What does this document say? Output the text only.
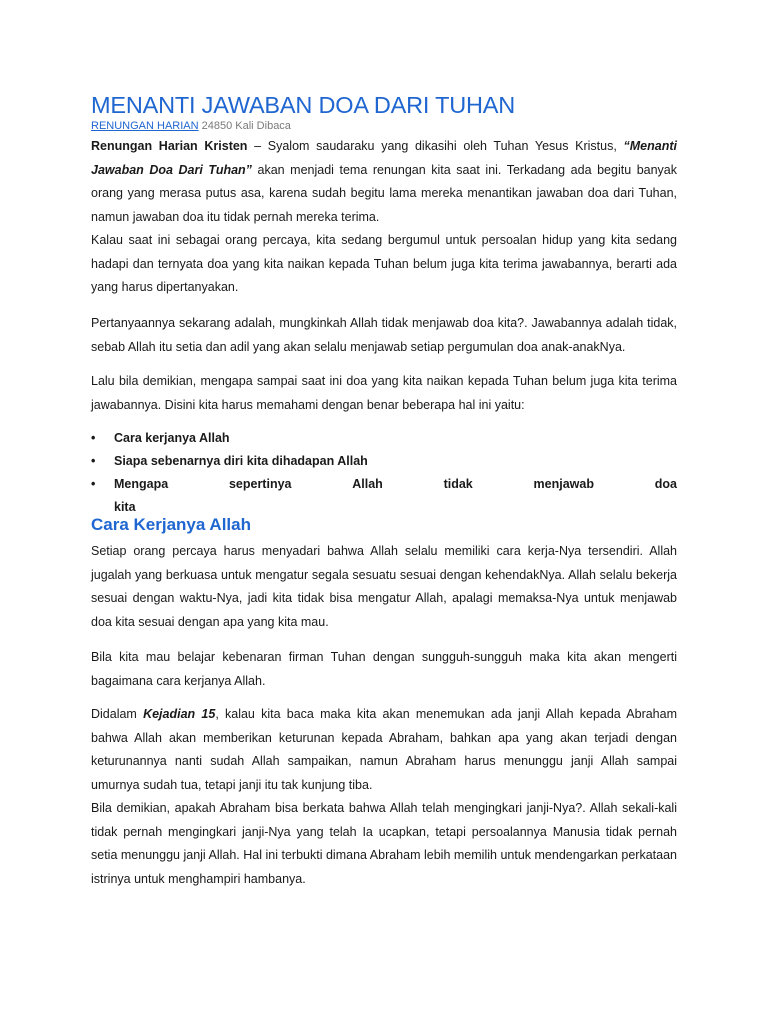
MENANTI JAWABAN DOA DARI TUHAN
RENUNGAN HARIAN 24850 Kali Dibaca

Renungan Harian Kristen – Syalom saudaraku yang dikasihi oleh Tuhan Yesus Kristus, “Menanti Jawaban Doa Dari Tuhan” akan menjadi tema renungan kita saat ini. Terkadang ada begitu banyak orang yang merasa putus asa, karena sudah begitu lama mereka menantikan jawaban doa dari Tuhan, namun jawaban doa itu tidak pernah mereka terima.

Kalau saat ini sebagai orang percaya, kita sedang bergumul untuk persoalan hidup yang kita sedang hadapi dan ternyata doa yang kita naikan kepada Tuhan belum juga kita terima jawabannya, berarti ada yang harus dipertanyakan.

Pertanyaannya sekarang adalah, mungkinkah Allah tidak menjawab doa kita?. Jawabannya adalah tidak, sebab Allah itu setia dan adil yang akan selalu menjawab setiap pergumulan doa anak-anakNya.

Lalu bila demikian, mengapa sampai saat ini doa yang kita naikan kepada Tuhan belum juga kita terima jawabannya. Disini kita harus memahami dengan benar beberapa hal ini yaitu:

• Cara kerjanya Allah
• Siapa sebenarnya diri kita dihadapan Allah
• Mengapa	sepertinya	Allah	tidak	menjawab	doa
kita
Cara Kerjanya Allah

Setiap orang percaya harus menyadari bahwa Allah selalu memiliki cara kerja-Nya tersendiri. Allah jugalah yang berkuasa untuk mengatur segala sesuatu sesuai dengan kehendakNya. Allah selalu bekerja sesuai dengan waktu-Nya, jadi kita tidak bisa mengatur Allah, apalagi memaksa-Nya untuk menjawab doa kita sesuai dengan apa yang kita mau.

Bila kita mau belajar kebenaran firman Tuhan dengan sungguh-sungguh maka kita akan mengerti bagaimana cara kerjanya Allah.

Didalam Kejadian 15, kalau kita baca maka kita akan menemukan ada janji Allah kepada Abraham bahwa Allah akan memberikan keturunan kepada Abraham, bahkan apa yang akan terjadi dengan keturunannya nanti sudah Allah sampaikan, namun Abraham harus menunggu janji Allah sampai umurnya sudah tua, tetapi janji itu tak kunjung tiba.

Bila demikian, apakah Abraham bisa berkata bahwa Allah telah mengingkari janji-Nya?. Allah sekali-kali tidak pernah mengingkari janji-Nya yang telah Ia ucapkan, tetapi persoalannya Manusia tidak pernah setia menunggu janji Allah. Hal ini terbukti dimana Abraham lebih memilih untuk mendengarkan perkataan istrinya untuk menghampiri hambanya.
